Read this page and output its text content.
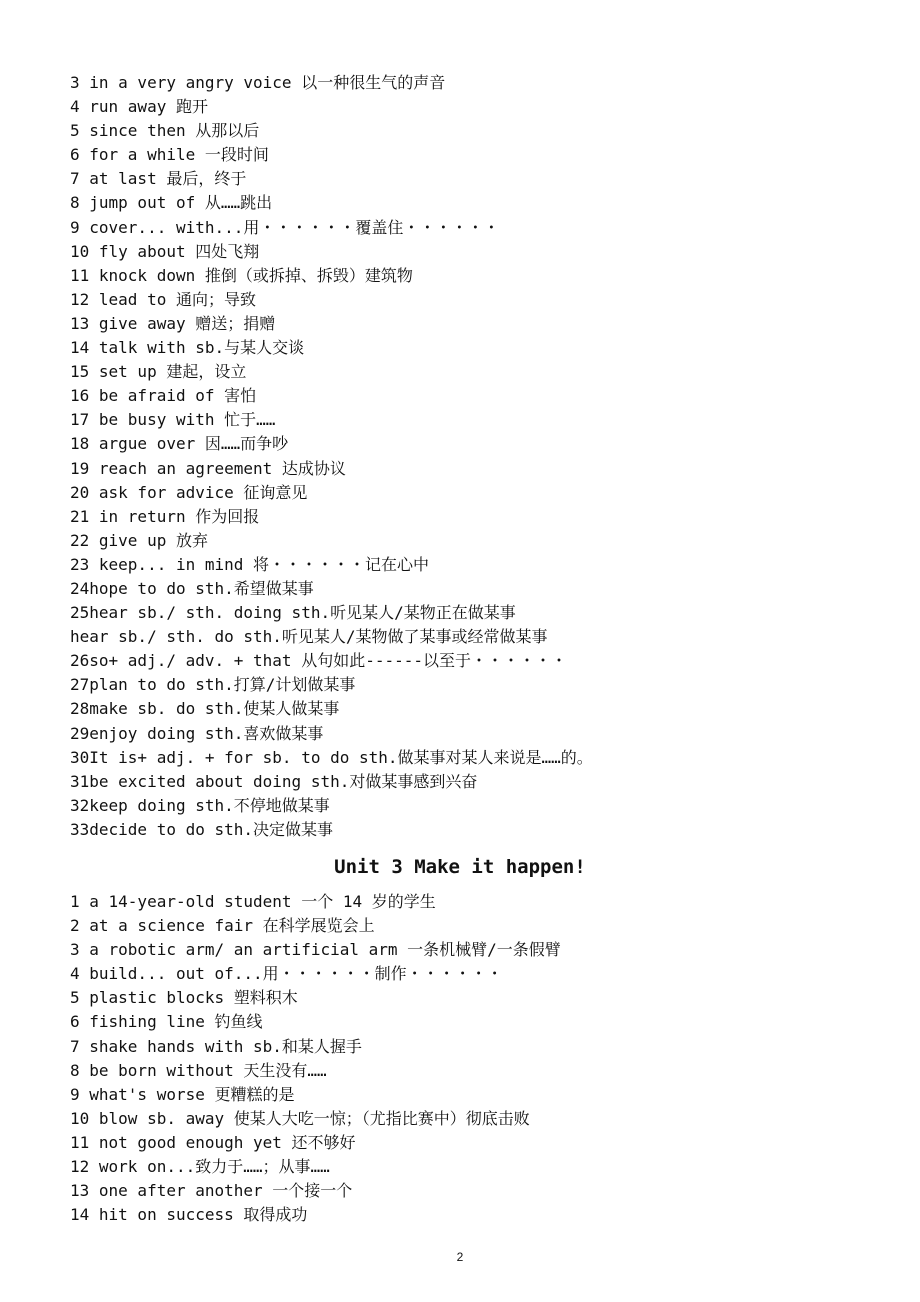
3 in a very angry voice 以一种很生气的声音
4 run away 跑开
5 since then 从那以后
6 for a while 一段时间
7 at last 最后，终于
8 jump out of 从……跳出
9 cover... with...用・・・・・・覆盖住・・・・・・
10 fly about 四处飞翔
11 knock down 推倒（或拆掉、拆毁）建筑物
12 lead to 通向；导致
13 give away 赠送；捐赠
14 talk with sb.与某人交谈
15 set up 建起，设立
16 be afraid of 害怕
17 be busy with 忙于……
18 argue over 因……而争吵
19 reach an agreement 达成协议
20 ask for advice 征询意见
21 in return 作为回报
22 give up 放弃
23 keep... in mind 将・・・・・・记在心中
24hope to do sth.希望做某事
25hear sb./ sth. doing sth.听见某人/某物正在做某事
hear sb./ sth. do sth.听见某人/某物做了某事或经常做某事
26so+ adj./ adv. + that 从句如此------以至于・・・・・・
27plan to do sth.打算/计划做某事
28make sb. do sth.使某人做某事
29enjoy doing sth.喜欢做某事
30It is+ adj. + for sb. to do sth.做某事对某人来说是……的。
31be excited about doing sth.对做某事感到兴奋
32keep doing sth.不停地做某事
33decide to do sth.决定做某事
Unit 3 Make it happen!
1 a 14-year-old student 一个 14 岁的学生
2 at a science fair 在科学展览会上
3 a robotic arm/ an artificial arm 一条机械臂/一条假臂
4 build... out of...用・・・・・・制作・・・・・・
5 plastic blocks 塑料积木
6 fishing line 钓鱼线
7 shake hands with sb.和某人握手
8 be born without 天生没有……
9 what's worse 更糟糕的是
10 blow sb. away 使某人大吃一惊；（尤指比赛中）彻底击败
11 not good enough yet 还不够好
12 work on...致力于……；从事……
13 one after another 一个接一个
14 hit on success 取得成功
2
